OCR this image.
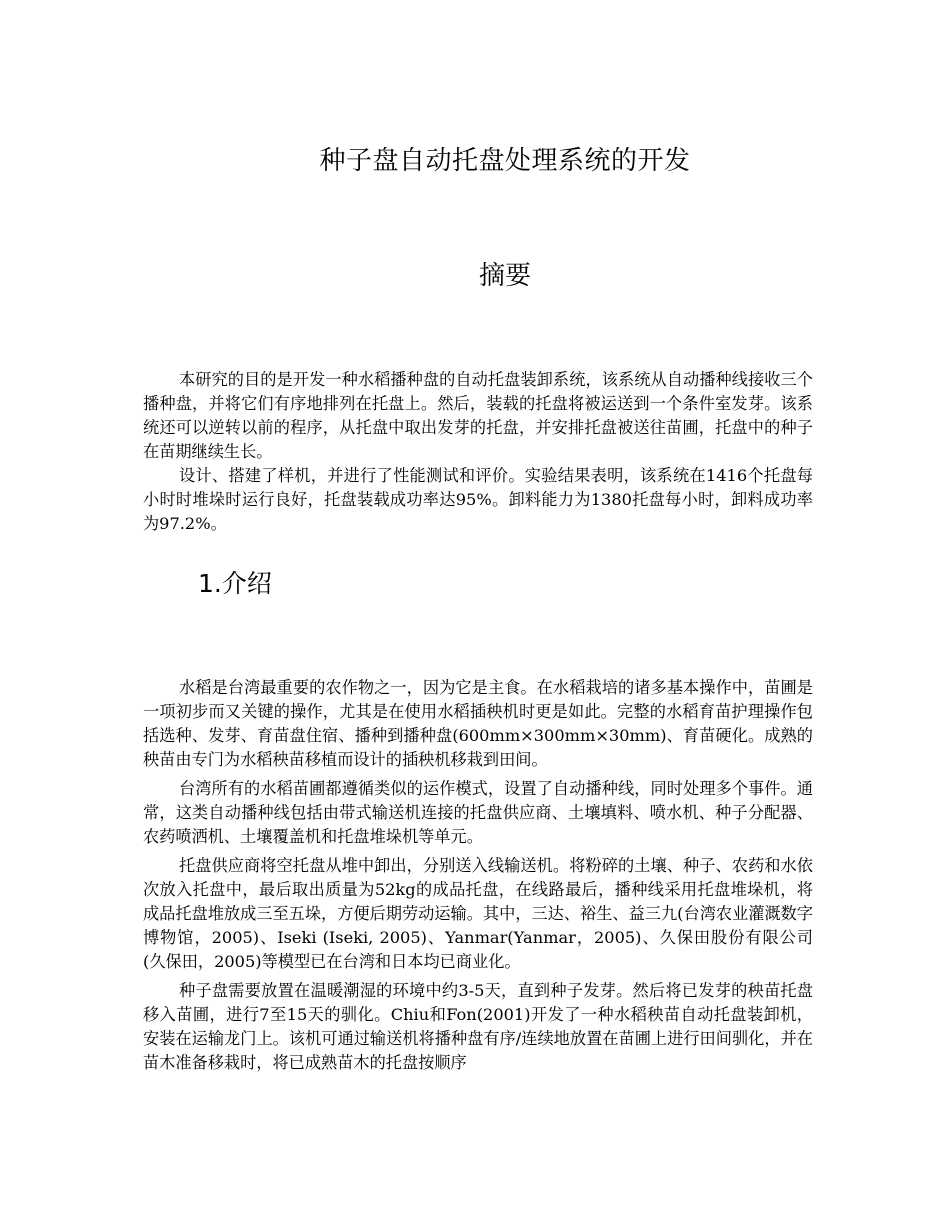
种子盘自动托盘处理系统的开发
摘要

本研究的目的是开发一种水稻播种盘的自动托盘装卸系统，该系统从自动播种线接收三个播种盘，并将它们有序地排列在托盘上。然后，装载的托盘将被运送到一个条件室发芽。该系统还可以逆转以前的程序，从托盘中取出发芽的托盘，并安排托盘被送往苗圃，托盘中的种子在苗期继续生长。

设计、搭建了样机，并进行了性能测试和评价。实验结果表明，该系统在1416个托盘每小时时堆垛时运行良好，托盘装载成功率达95%。卸料能力为1380托盘每小时，卸料成功率为97.2%。

1.介绍

水稻是台湾最重要的农作物之一，因为它是主食。在水稻栽培的诸多基本操作中，苗圃是一项初步而又关键的操作，尤其是在使用水稻插秧机时更是如此。完整的水稻育苗护理操作包括选种、发芽、育苗盘住宿、播种到播种盘(600mm×300mm×30mm)、育苗硬化。成熟的秧苗由专门为水稻秧苗移植而设计的插秧机移栽到田间。

台湾所有的水稻苗圃都遵循类似的运作模式，设置了自动播种线，同时处理多个事件。通常，这类自动播种线包括由带式输送机连接的托盘供应商、土壤填料、喷水机、种子分配器、农药喷洒机、土壤覆盖机和托盘堆垛机等单元。

托盘供应商将空托盘从堆中卸出，分别送入线输送机。将粉碎的土壤、种子、农药和水依次放入托盘中，最后取出质量为52kg的成品托盘，在线路最后，播种线采用托盘堆垛机，将成品托盘堆放成三至五垛，方便后期劳动运输。其中，三达、裕生、益三九(台湾农业灌溉数字博物馆，2005)、Iseki (Iseki, 2005)、Yanmar(Yanmar，2005)、久保田股份有限公司(久保田，2005)等模型已在台湾和日本均已商业化。

种子盘需要放置在温暖潮湿的环境中约3-5天，直到种子发芽。然后将已发芽的秧苗托盘移入苗圃，进行7至15天的驯化。Chiu和Fon(2001)开发了一种水稻秧苗自动托盘装卸机，安装在运输龙门上。该机可通过输送机将播种盘有序/连续地放置在苗圃上进行田间驯化，并在苗木准备移栽时，将已成熟苗木的托盘按顺序
